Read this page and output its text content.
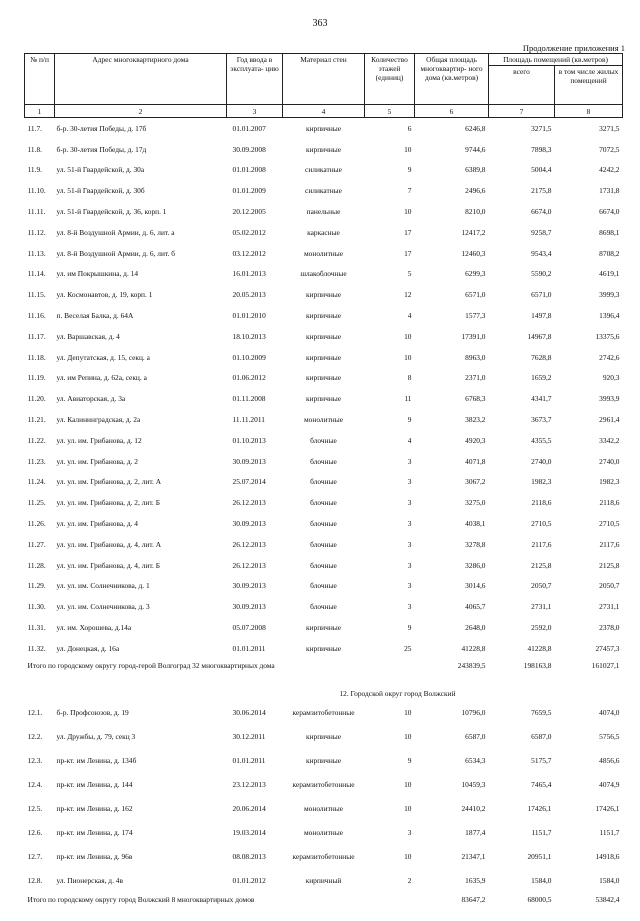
363
Продолжение приложения 1
№ п/п	Адрес многоквартирного дома	Год ввода в эксплуата- цию	Материал стен	Количество этажей (единиц)	Общая площадь многоквартир- ного дома (кв.метров)	Площадь помещений (кв.метров)	
						всего	в том числе жилых помещений
1	2	3	4	5	6	7	8
11.7.	б-р. 30-летия Победы, д. 17б	01.01.2007	кирпичные	6	6246,8	3271,5	3271,5
11.8.	б-р. 30-летия Победы, д. 17д	30.09.2008	кирпичные	10	9744,6	7898,3	7072,5
11.9.	ул. 51-й Гвардейской, д. 30а	01.01.2008	силикатные	9	6389,8	5004,4	4242,2
11.10.	ул. 51-й Гвардейской, д. 30б	01.01.2009	силикатные	7	2496,6	2175,8	1731,8
11.11.	ул. 51-й Гвардейской, д. 36, корп. 1	20.12.2005	панельные	10	8210,0	6674,0	6674,0
11.12.	ул. 8-й Воздушной Армии, д. 6, лит. а	05.02.2012	каркасные	17	12417,2	9258,7	8698,1
11.13.	ул. 8-й Воздушной Армии, д. 6, лит. б	03.12.2012	монолитные	17	12460,3	9543,4	8708,2
11.14.	ул. им Покрышкина, д. 14	16.01.2013	шлакоблочные	5	6299,3	5590,2	4619,1
11.15.	ул. Космонавтов, д. 19, корп. 1	20.05.2013	кирпичные	12	6571,0	6571,0	3999,3
11.16.	п. Веселая Балка, д. 64А	01.01.2010	кирпичные	4	1577,3	1497,8	1396,4
11.17.	ул. Варшавская, д. 4	18.10.2013	кирпичные	10	17391,0	14967,8	13375,6
11.18.	ул. Депутатская, д. 15, секц. а	01.10.2009	кирпичные	10	8963,0	7628,8	2742,6
11.19.	ул. им Репина, д. 62а, секц. а	01.06.2012	кирпичные	8	2371,0	1659,2	920,3
11.20.	ул. Авиаторская, д. 3а	01.11.2008	кирпичные	11	6768,3	4341,7	3993,9
11.21.	ул. Калининградская, д. 2а	11.11.2011	монолитные	9	3823,2	3673,7	2961,4
11.22.	ул. ул. им. Грибанова, д. 12	01.10.2013	блочные	4	4920,3	4355,5	3342,2
11.23.	ул. ул. им. Грибанова, д. 2	30.09.2013	блочные	3	4071,8	2740,0	2740,0
11.24.	ул. ул. им. Грибанова, д. 2, лит. А	25.07.2014	блочные	3	3067,2	1982,3	1982,3
11.25.	ул. ул. им. Грибанова, д. 2, лит. Б	26.12.2013	блочные	3	3275,0	2118,6	2118,6
11.26.	ул. ул. им. Грибанова, д. 4	30.09.2013	блочные	3	4038,1	2710,5	2710,5
11.27.	ул. ул. им. Грибанова, д. 4, лит. А	26.12.2013	блочные	3	3278,8	2117,6	2117,6
11.28.	ул. ул. им. Грибанова, д. 4, лит. Б	26.12.2013	блочные	3	3286,0	2125,8	2125,8
11.29.	ул. ул. им. Солнечникова, д. 1	30.09.2013	блочные	3	3014,6	2050,7	2050,7
11.30.	ул. ул. им. Солнечникова, д. 3	30.09.2013	блочные	3	4065,7	2731,1	2731,1
11.31.	ул. им. Хорошева, д.14а	05.07.2008	кирпичные	9	2648,0	2592,0	2378,0
11.32.	ул. Донецкая, д. 16а	01.01.2011	кирпичные	25	41228,8	41228,8	27457,3
Итого по городскому округу город-герой Волгоград 32 многоквартирных дома					243839,5	198163,8	161027,1
12. Городской округ город Волжский							
12.1.	б-р. Профсоюзов, д. 19	30.06.2014	керамзитобетонные	10	10796,0	7659,5	4074,0
12.2.	ул. Дружбы, д. 79, секц 3	30.12.2011	кирпичные	10	6587,0	6587,0	5756,5
12.3.	пр-кт. им Ленина, д. 134б	01.01.2011	кирпичные	9	6534,3	5175,7	4856,6
12.4.	пр-кт. им Ленина, д. 144	23.12.2013	керамзитобетонные	10	10459,3	7465,4	4074,9
12.5.	пр-кт. им Ленина, д. 162	20.06.2014	монолитные	10	24410,2	17426,1	17426,1
12.6.	пр-кт. им Ленина, д. 174	19.03.2014	монолитные	3	1877,4	1151,7	1151,7
12.7.	пр-кт. им Ленина, д. 96в	08.08.2013	керамзитобетонные	10	21347,1	20951,1	14918,6
12.8.	ул. Пионерская, д. 4в	01.01.2012	кирпичный	2	1635,9	1584,0	1584,0
Итого по городскому округу город Волжский 8 многоквартирных домов					83647,2	68000,5	53842,4
